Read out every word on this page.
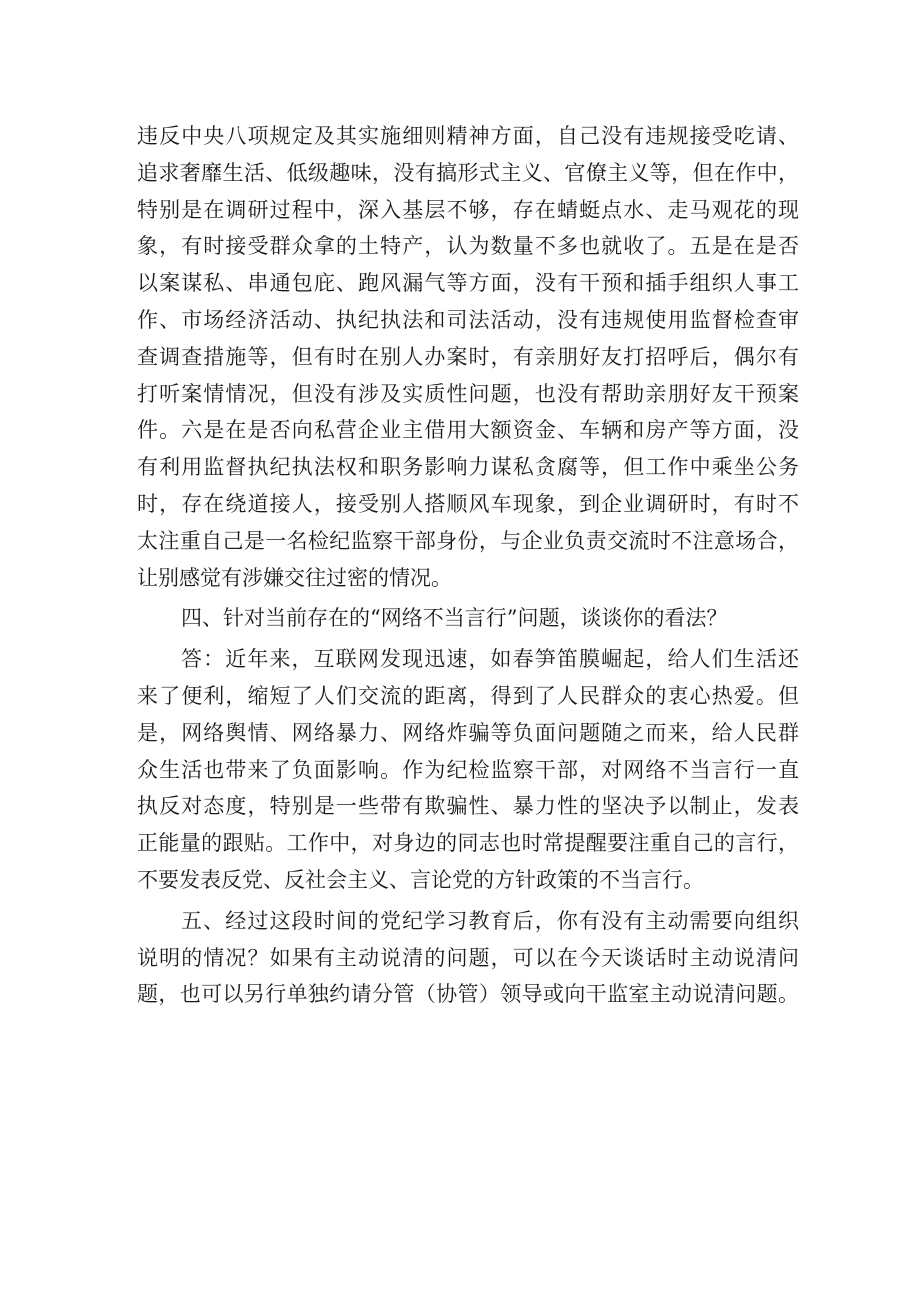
违反中央八项规定及其实施细则精神方面，自己没有违规接受吃请、
追求奢靡生活、低级趣味，没有搞形式主义、官僚主义等，但在作中，
特别是在调研过程中，深入基层不够，存在蜻蜓点水、走马观花的现
象，有时接受群众拿的土特产，认为数量不多也就收了。五是在是否
以案谋私、串通包庇、跑风漏气等方面，没有干预和插手组织人事工
作、市场经济活动、执纪执法和司法活动，没有违规使用监督检查审
查调查措施等，但有时在别人办案时，有亲朋好友打招呼后，偶尔有
打听案情情况，但没有涉及实质性问题，也没有帮助亲朋好友干预案
件。六是在是否向私营企业主借用大额资金、车辆和房产等方面，没
有利用监督执纪执法权和职务影响力谋私贪腐等，但工作中乘坐公务
时，存在绕道接人，接受别人搭顺风车现象，到企业调研时，有时不
太注重自己是一名检纪监察干部身份，与企业负责交流时不注意场合，
让别感觉有涉嫌交往过密的情况。
四、针对当前存在的“网络不当言行”问题，谈谈你的看法？
答：近年来，互联网发现迅速，如春笋笛膜崛起，给人们生活还
来了便利，缩短了人们交流的距离，得到了人民群众的衷心热爱。但
是，网络舆情、网络暴力、网络炸骗等负面问题随之而来，给人民群
众生活也带来了负面影响。作为纪检监察干部，对网络不当言行一直
执反对态度，特别是一些带有欺骗性、暴力性的坚决予以制止，发表
正能量的跟贴。工作中，对身边的同志也时常提醒要注重自己的言行，
不要发表反党、反社会主义、言论党的方针政策的不当言行。
五、经过这段时间的党纪学习教育后，你有没有主动需要向组织
说明的情况？如果有主动说清的问题，可以在今天谈话时主动说清问
题，也可以另行单独约请分管（协管）领导或向干监室主动说清问题。
